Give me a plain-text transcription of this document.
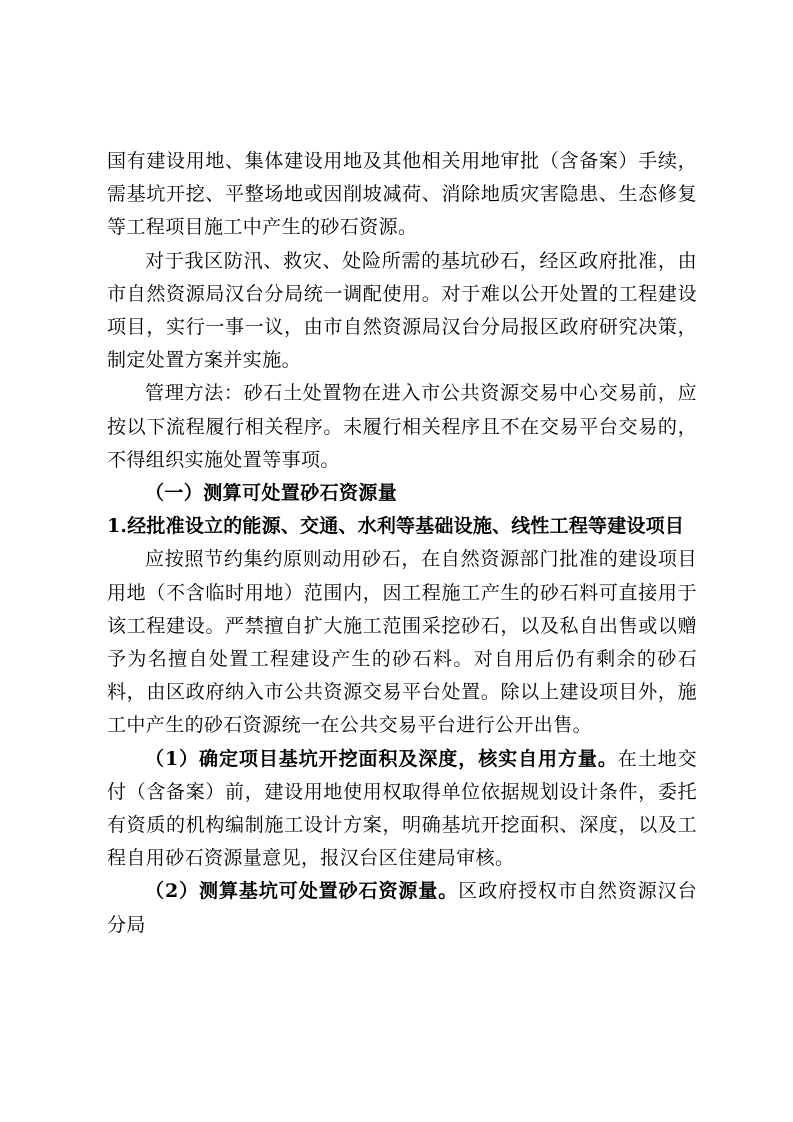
国有建设用地、集体建设用地及其他相关用地审批（含备案）手续，需基坑开挖、平整场地或因削坡减荷、消除地质灾害隐患、生态修复等工程项目施工中产生的砂石资源。

对于我区防汛、救灾、处险所需的基坑砂石，经区政府批准，由市自然资源局汉台分局统一调配使用。对于难以公开处置的工程建设项目，实行一事一议，由市自然资源局汉台分局报区政府研究决策，制定处置方案并实施。

管理方法：砂石土处置物在进入市公共资源交易中心交易前，应按以下流程履行相关程序。未履行相关程序且不在交易平台交易的，不得组织实施处置等事项。

（一）测算可处置砂石资源量

1.经批准设立的能源、交通、水利等基础设施、线性工程等建设项目

应按照节约集约原则动用砂石，在自然资源部门批准的建设项目用地（不含临时用地）范围内，因工程施工产生的砂石料可直接用于该工程建设。严禁擅自扩大施工范围采挖砂石，以及私自出售或以赠予为名擅自处置工程建设产生的砂石料。对自用后仍有剩余的砂石料，由区政府纳入市公共资源交易平台处置。除以上建设项目外，施工中产生的砂石资源统一在公共交易平台进行公开出售。

（1）确定项目基坑开挖面积及深度，核实自用方量。在土地交付（含备案）前，建设用地使用权取得单位依据规划设计条件，委托有资质的机构编制施工设计方案，明确基坑开挖面积、深度，以及工程自用砂石资源量意见，报汉台区住建局审核。

（2）测算基坑可处置砂石资源量。区政府授权市自然资源汉台分局
